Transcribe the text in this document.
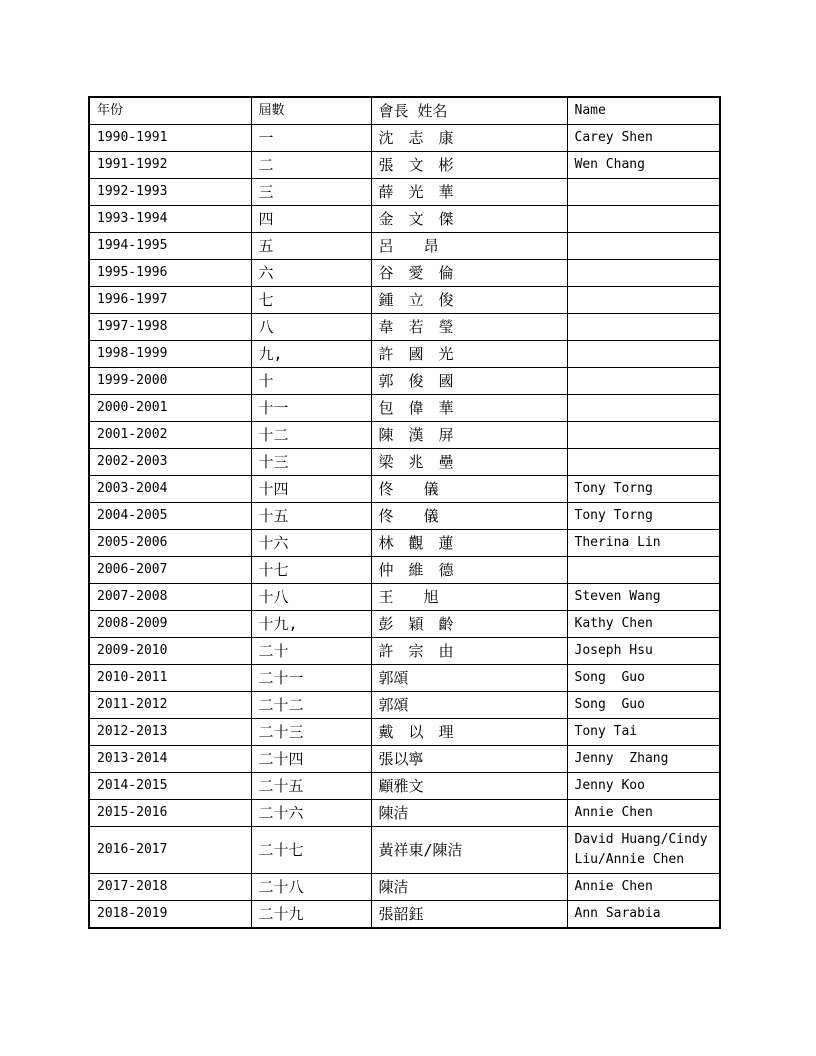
年份	屆數	會長 姓名	Name
1990-1991	一	沈　志　康	Carey Shen
1991-1992	二	張　文　彬	Wen Chang
1992-1993	三	薛　光　華	
1993-1994	四	金　文　傑	
1994-1995	五	呂　　昂	
1995-1996	六	谷　愛　倫	
1996-1997	七	鍾　立　俊	
1997-1998	八	韋　若　瑩	
1998-1999	九,	許　國　光	
1999-2000	十	郭　俊　國	
2000-2001	十一	包　偉　華	
2001-2002	十二	陳　漢　屏	
2002-2003	十三	梁　兆　壘	
2003-2004	十四	佟　　儀	Tony Torng
2004-2005	十五	佟　　儀	Tony Torng
2005-2006	十六	林　觀　蓮	Therina Lin
2006-2007	十七	仲　維　德	
2007-2008	十八	王　　旭	Steven Wang
2008-2009	十九,	彭　穎　齡	Kathy Chen
2009-2010	二十	許　宗　由	Joseph Hsu
2010-2011	二十一	郭頌	Song  Guo
2011-2012	二十二	郭頌	Song  Guo
2012-2013	二十三	戴　以　理	Tony Tai
2013-2014	二十四	張以寧	Jenny  Zhang
2014-2015	二十五	顧雅文	Jenny Koo
2015-2016	二十六	陳洁	Annie Chen
2016-2017	二十七	黃祥東/陳洁	David Huang/Cindy Liu/Annie Chen
2017-2018	二十八	陳洁	Annie Chen
2018-2019	二十九	張韶鈺	Ann Sarabia
